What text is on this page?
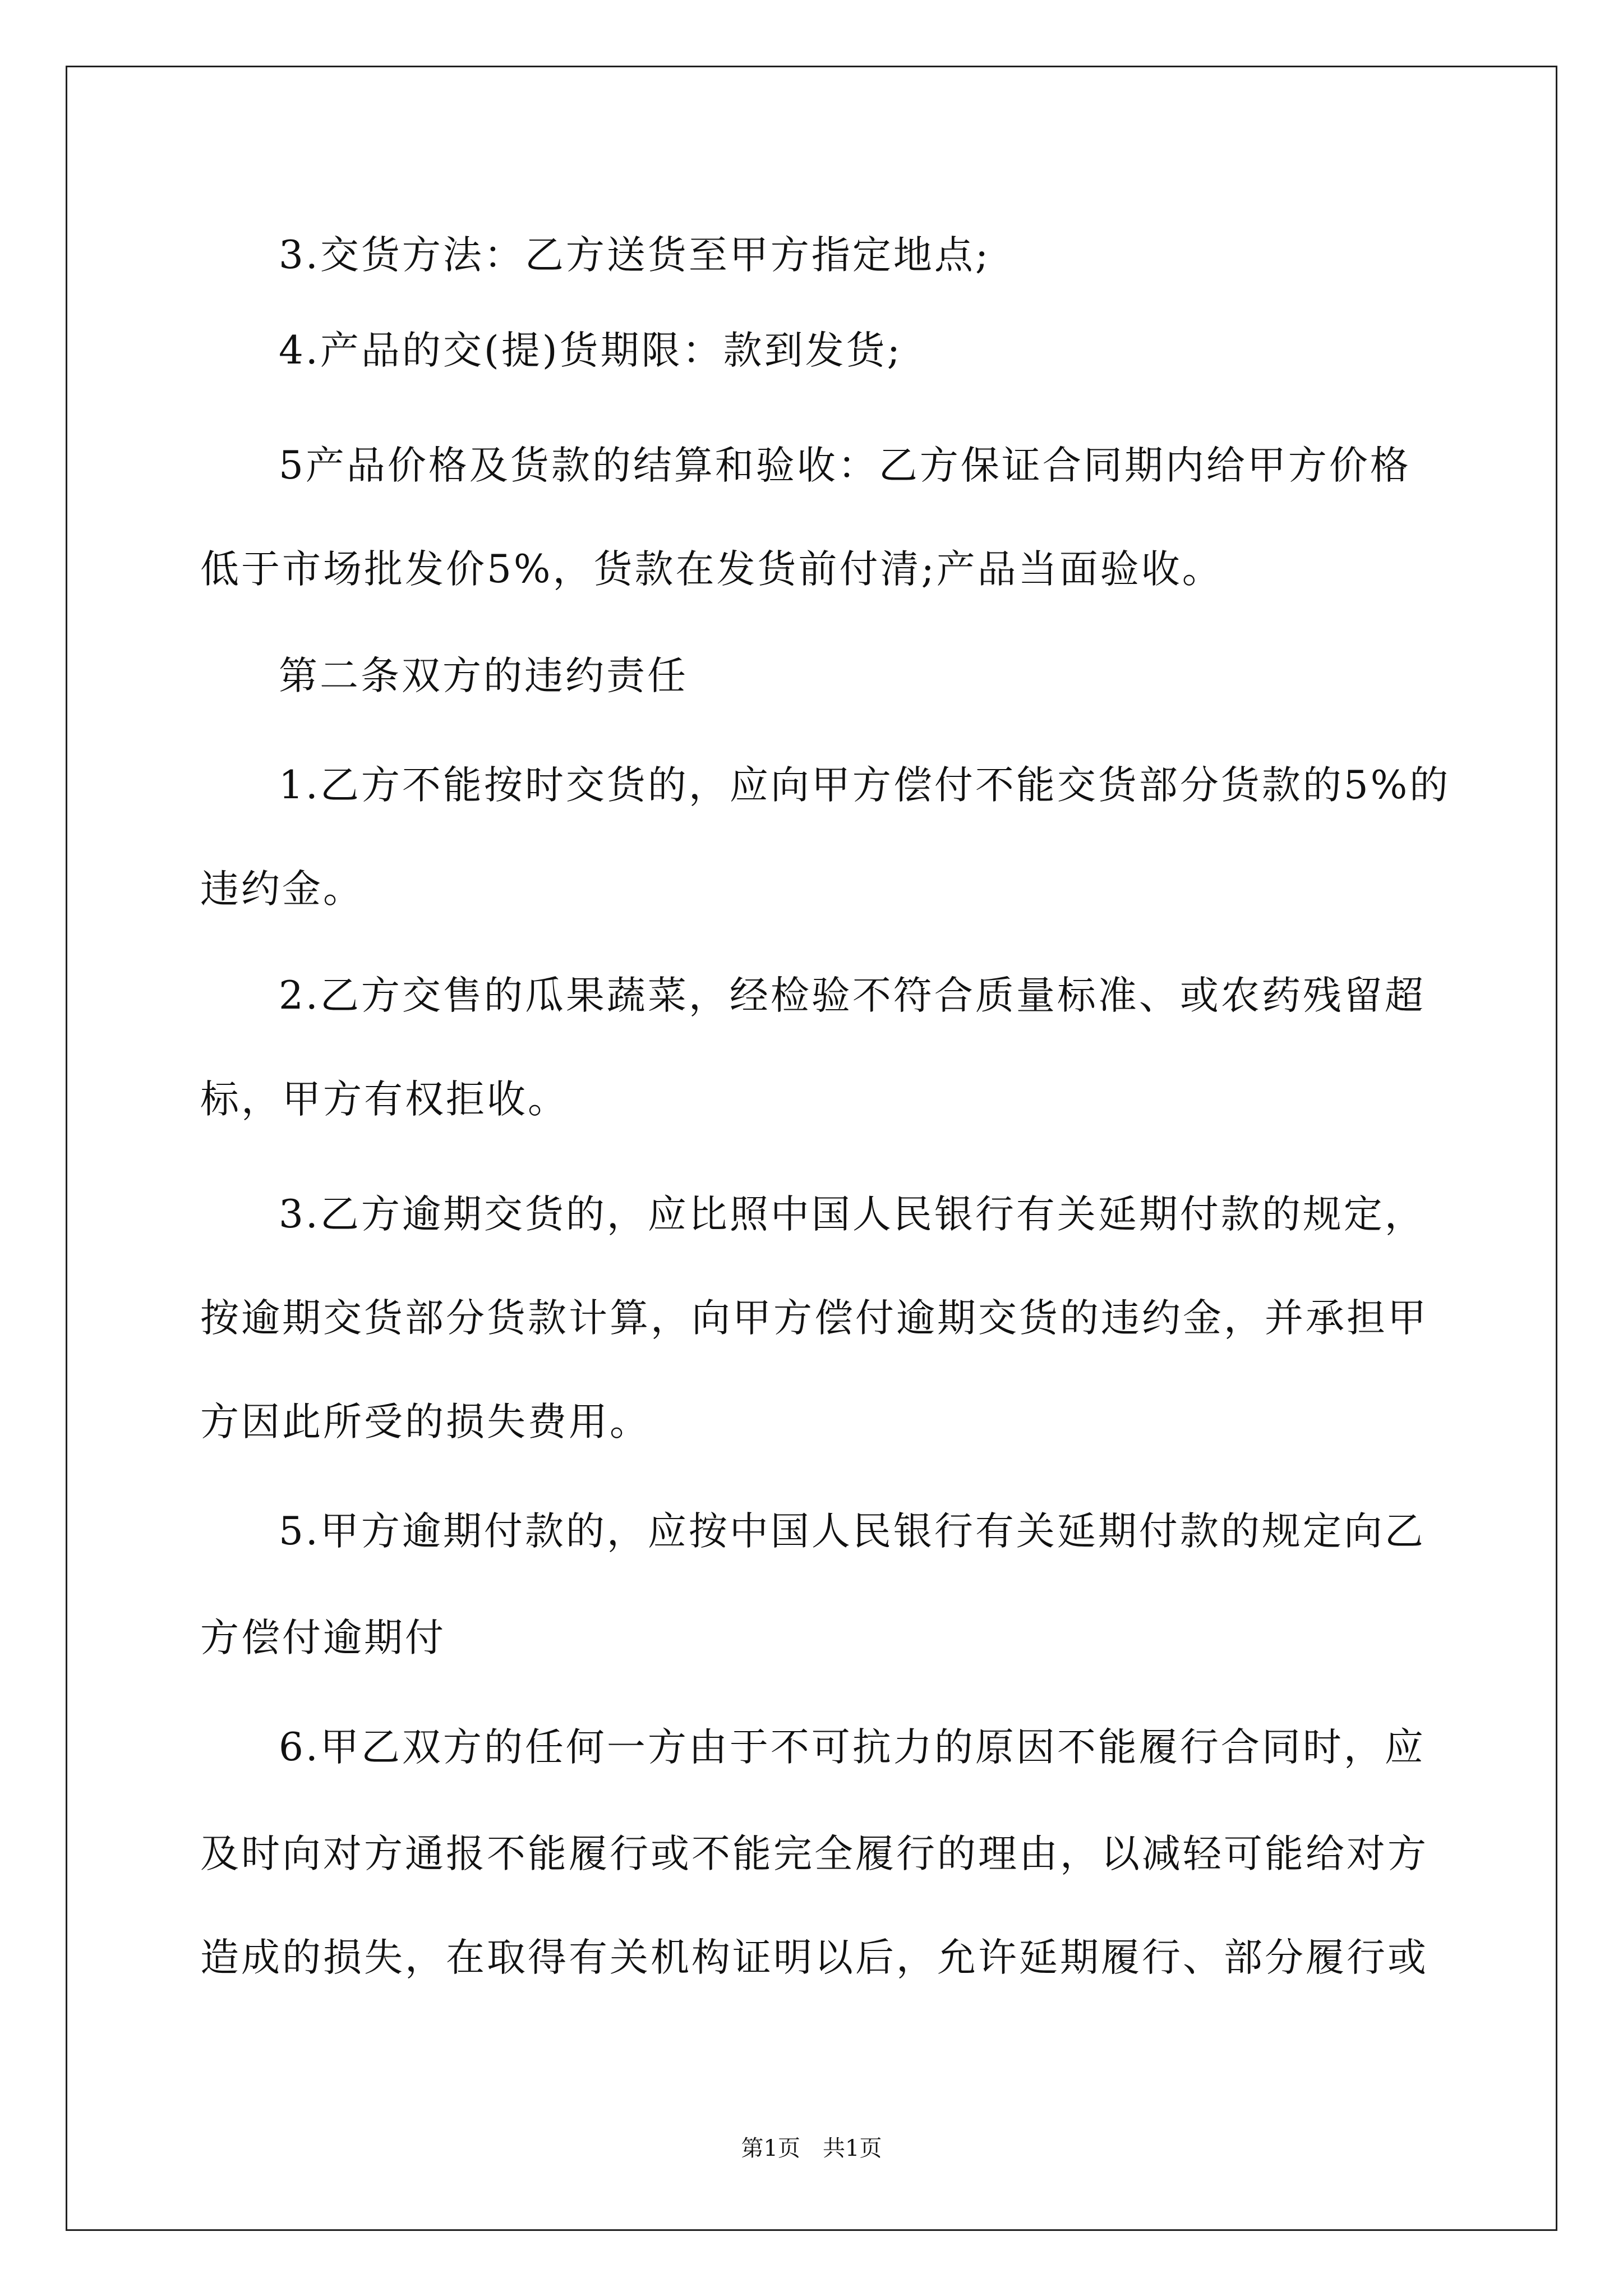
3.交货方法：乙方送货至甲方指定地点;
4.产品的交(提)货期限：款到发货;
5产品价格及货款的结算和验收：乙方保证合同期内给甲方价格
低于市场批发价5%，货款在发货前付清;产品当面验收。
第二条双方的违约责任
1.乙方不能按时交货的，应向甲方偿付不能交货部分货款的5%的
违约金。
2.乙方交售的瓜果蔬菜，经检验不符合质量标准、或农药残留超
标，甲方有权拒收。
3.乙方逾期交货的，应比照中国人民银行有关延期付款的规定，
按逾期交货部分货款计算，向甲方偿付逾期交货的违约金，并承担甲
方因此所受的损失费用。
5.甲方逾期付款的，应按中国人民银行有关延期付款的规定向乙
方偿付逾期付
6.甲乙双方的任何一方由于不可抗力的原因不能履行合同时，应
及时向对方通报不能履行或不能完全履行的理由，以减轻可能给对方
造成的损失，在取得有关机构证明以后，允许延期履行、部分履行或
第1页　共1页
